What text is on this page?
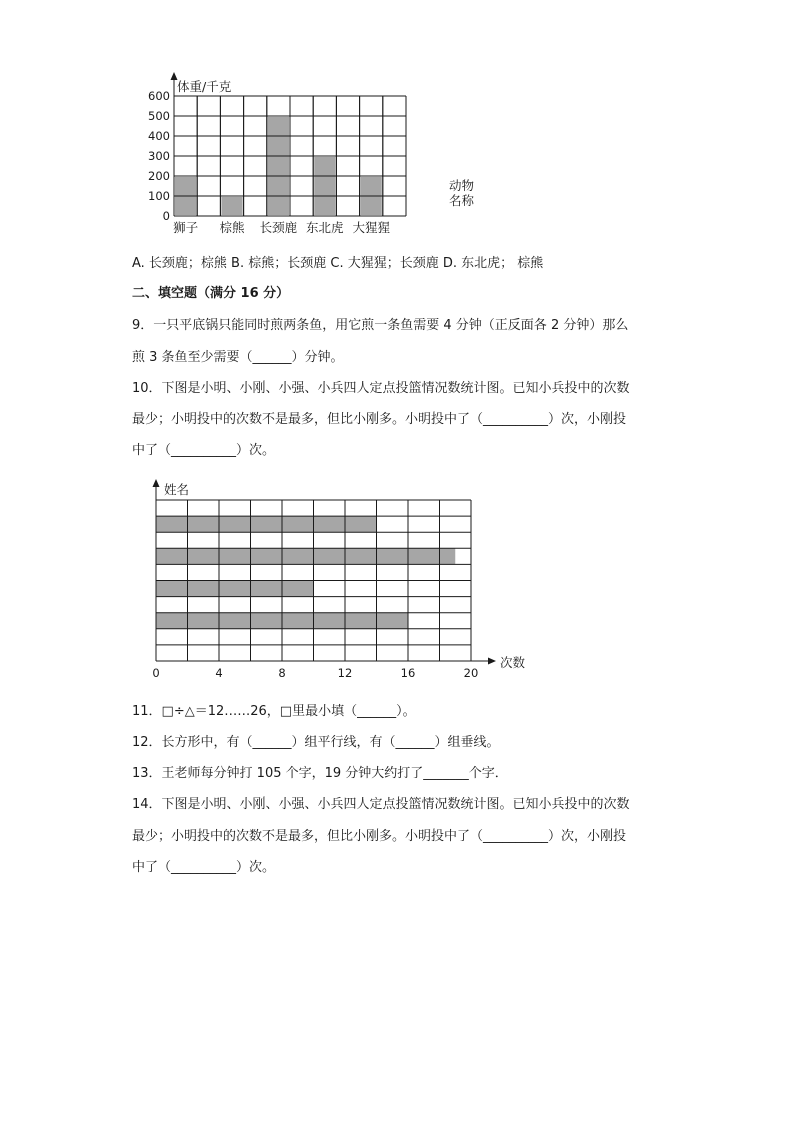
0
100
200
300
400
500
600
狮子 棕熊 长颈鹿 东北虎 大猩猩
体重/千克
动物
名称
A. 长颈鹿；棕熊 B. 棕熊；长颈鹿 C. 大猩猩；长颈鹿 D. 东北虎； 棕熊
二、填空题（满分 16 分）
9．一只平底锅只能同时煎两条鱼，用它煎一条鱼需要 4 分钟（正反面各 2 分钟）那么
煎 3 条鱼至少需要（______）分钟。
10．下图是小明、小刚、小强、小兵四人定点投篮情况数统计图。已知小兵投中的次数
最少；小明投中的次数不是最多，但比小刚多。小明投中了（__________）次，小刚投
中了（__________）次。
0	4	8	12	16	20
姓名
次数
11．□÷△＝12……26，□里最小填（______）。
12．长方形中，有（______）组平行线，有（______）组垂线。
13．王老师每分钟打 105 个字，19 分钟大约打了_______个字．
14．下图是小明、小刚、小强、小兵四人定点投篮情况数统计图。已知小兵投中的次数
最少；小明投中的次数不是最多，但比小刚多。小明投中了（__________）次，小刚投
中了（__________）次。
